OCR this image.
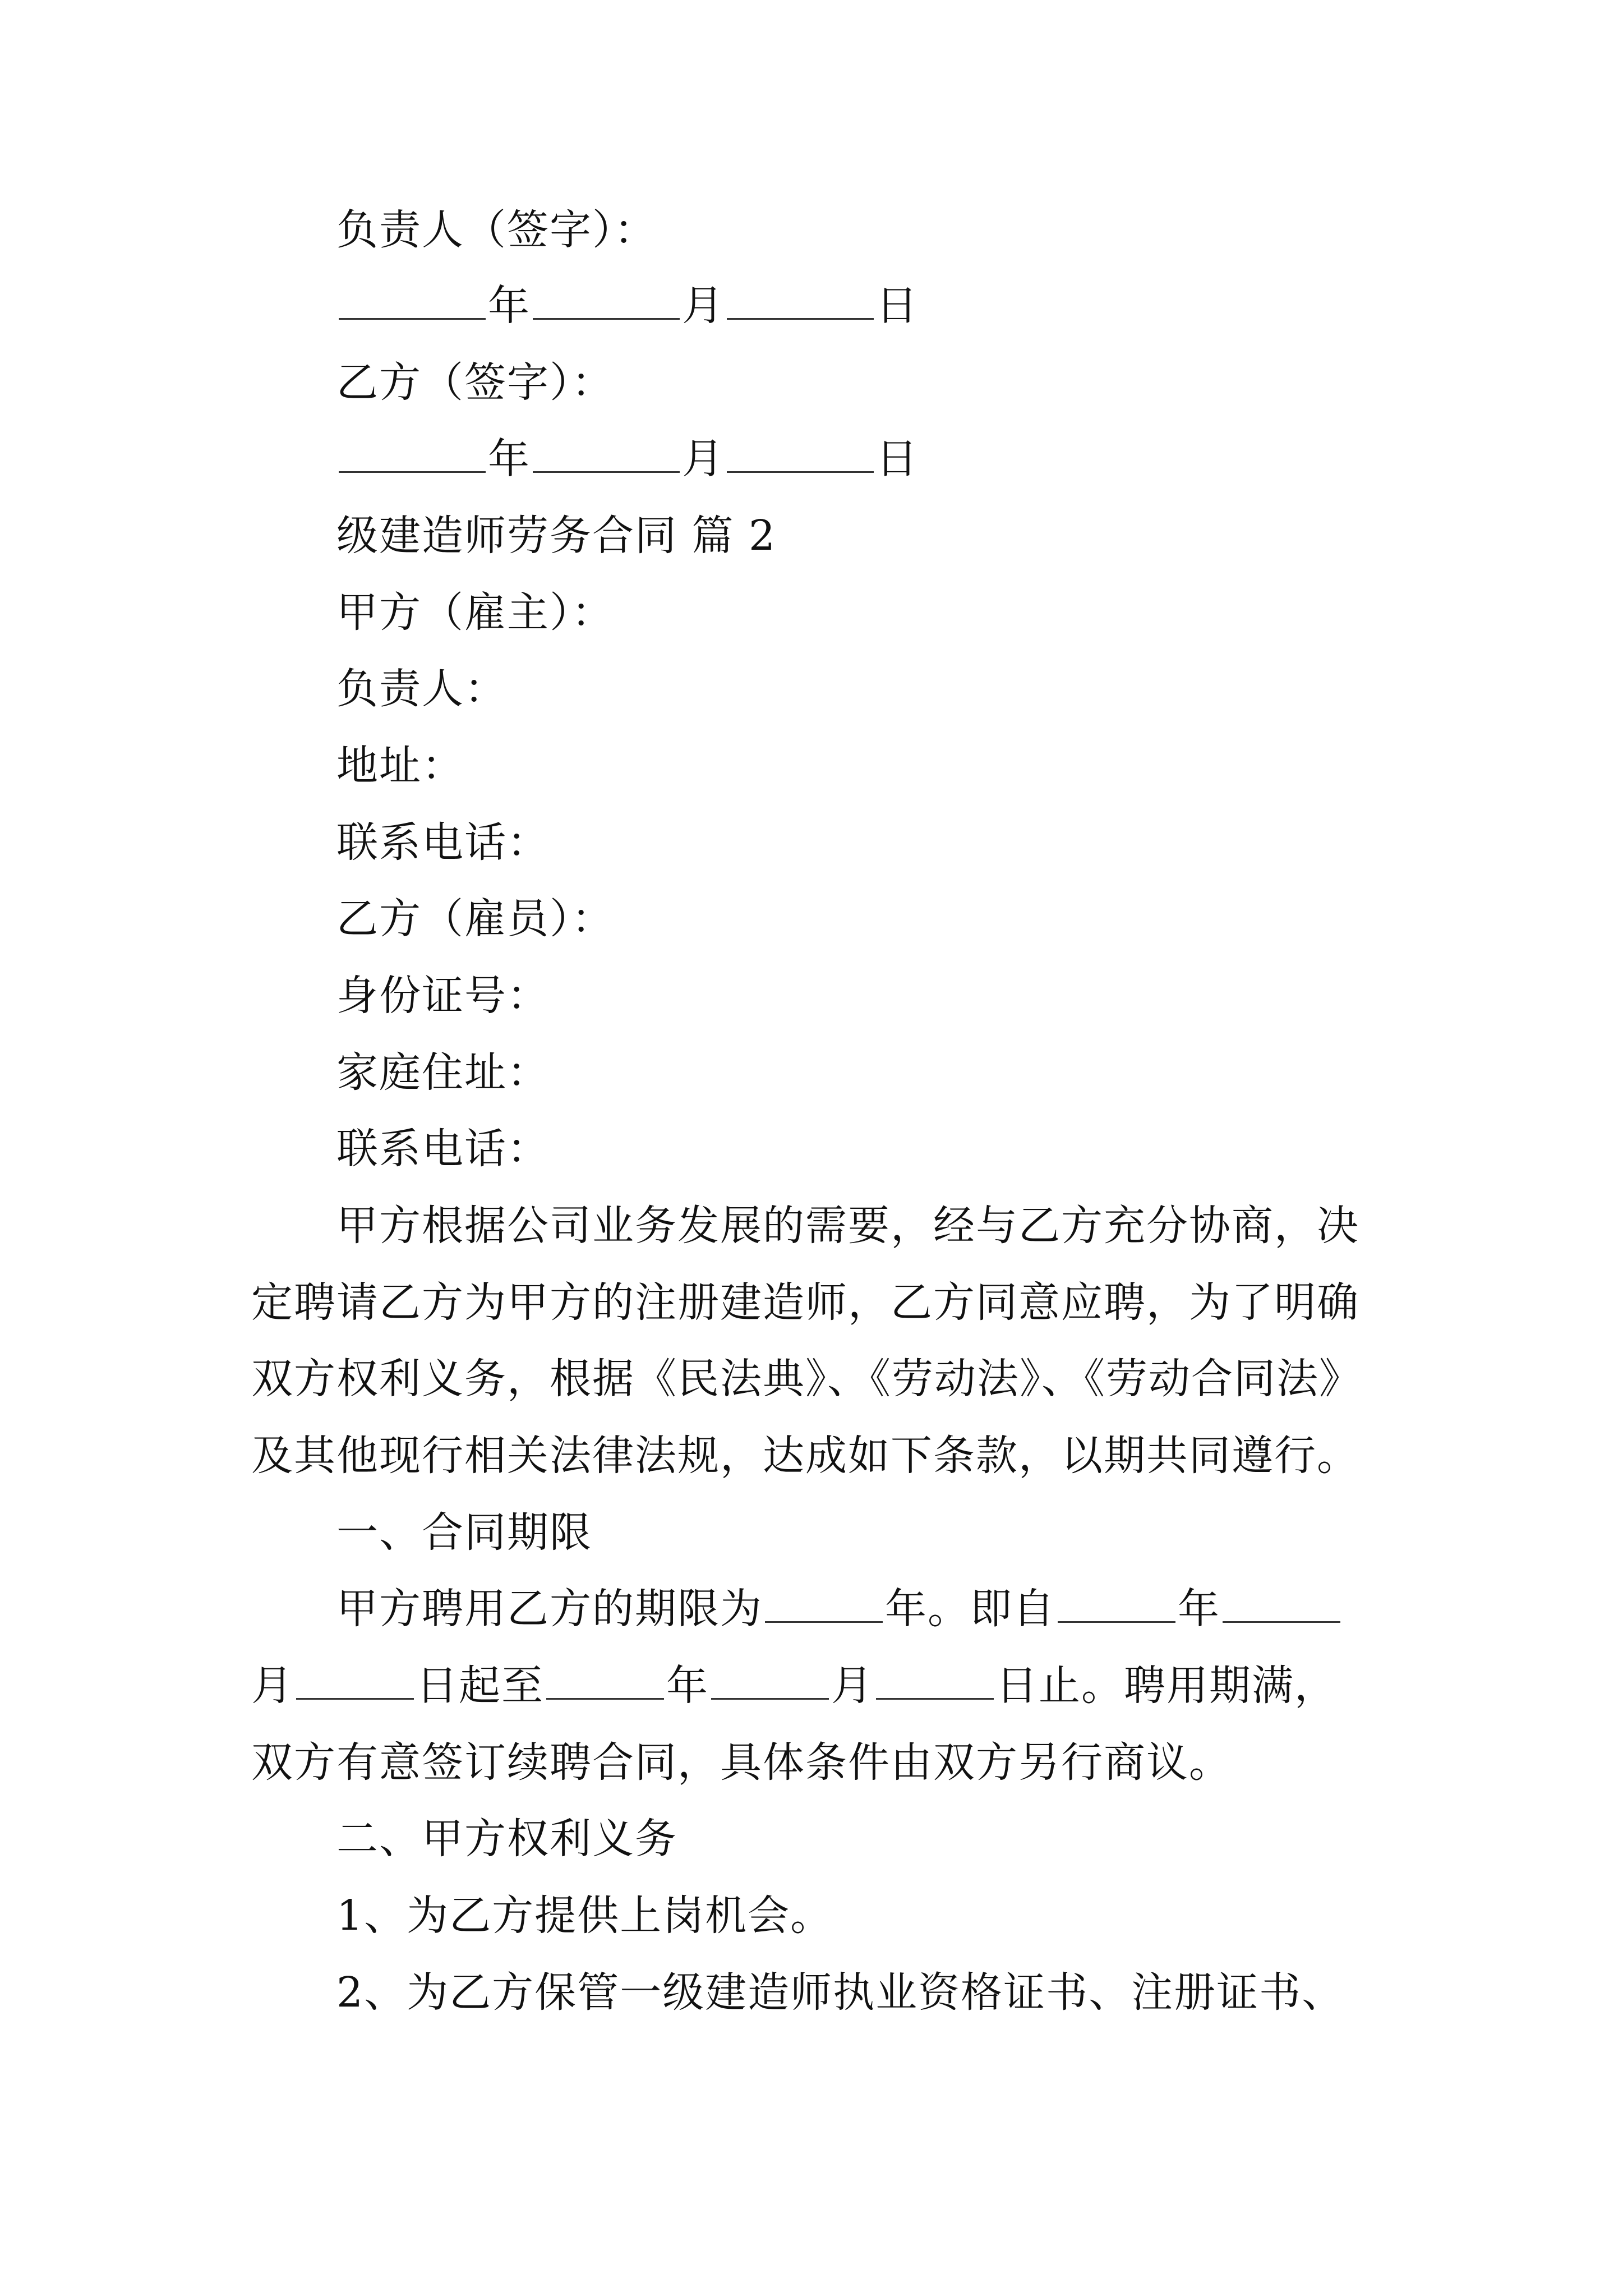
负责人（签字）：
年	月	日
乙方（签字）：
年	月	日
级建造师劳务合同 篇 2
甲方（雇主）：
负责人：
地址：
联系电话：
乙方（雇员）：
身份证号：
家庭住址：
联系电话：
甲方根据公司业务发展的需要，经与乙方充分协商，决
定聘请乙方为甲方的注册建造师，乙方同意应聘，为了明确
双方权利义务，根据《民法典》、《劳动法》、《劳动合同法》
及其他现行相关法律法规，达成如下条款，以期共同遵行。
一、合同期限
甲方聘用乙方的期限为	年。即自	年
月	日起至	年	月	日止。聘用期满，
双方有意签订续聘合同，具体条件由双方另行商议。
二、甲方权利义务
1、为乙方提供上岗机会。
2、为乙方保管一级建造师执业资格证书、注册证书、
